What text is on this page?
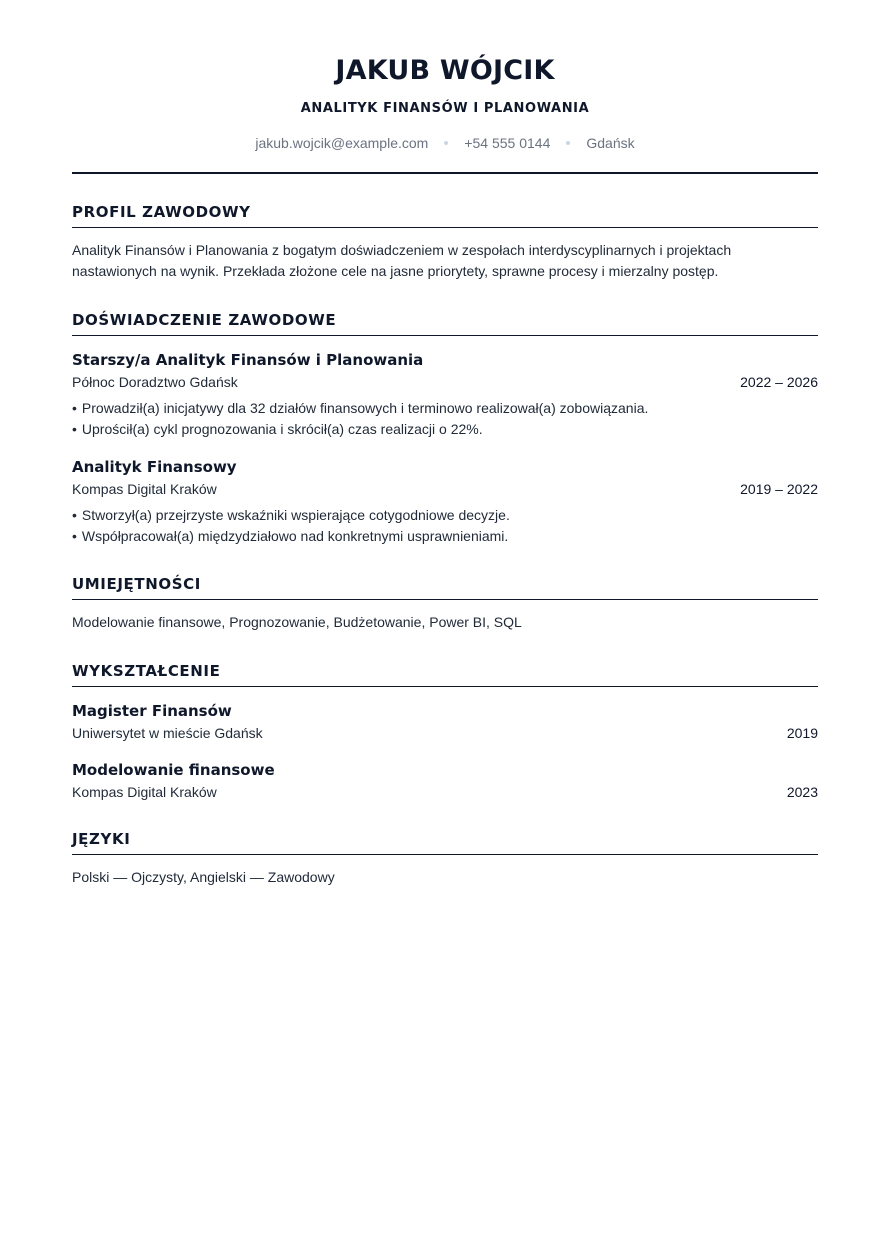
JAKUB WÓJCIK
ANALITYK FINANSÓW I PLANOWANIA
jakub.wojcik@example.com	+54 555 0144	Gdańsk
PROFIL ZAWODOWY
Analityk Finansów i Planowania z bogatym doświadczeniem w zespołach interdyscyplinarnych i projektach nastawionych na wynik. Przekłada złożone cele na jasne priorytety, sprawne procesy i mierzalny postęp.
DOŚWIADCZENIE ZAWODOWE
Starszy/a Analityk Finansów i Planowania
Północ Doradztwo Gdańsk	2022 – 2026
• Prowadził(a) inicjatywy dla 32 działów finansowych i terminowo realizował(a) zobowiązania.
• Uprościł(a) cykl prognozowania i skrócił(a) czas realizacji o 22%.
Analityk Finansowy
Kompas Digital Kraków	2019 – 2022
• Stworzył(a) przejrzyste wskaźniki wspierające cotygodniowe decyzje.
• Współpracował(a) międzydziałowo nad konkretnymi usprawnieniami.
UMIEJĘTNOŚCI
Modelowanie finansowe, Prognozowanie, Budżetowanie, Power BI, SQL
WYKSZTAŁCENIE
Magister Finansów
Uniwersytet w mieście Gdańsk	2019
Modelowanie finansowe
Kompas Digital Kraków	2023
JĘZYKI
Polski — Ojczysty, Angielski — Zawodowy
